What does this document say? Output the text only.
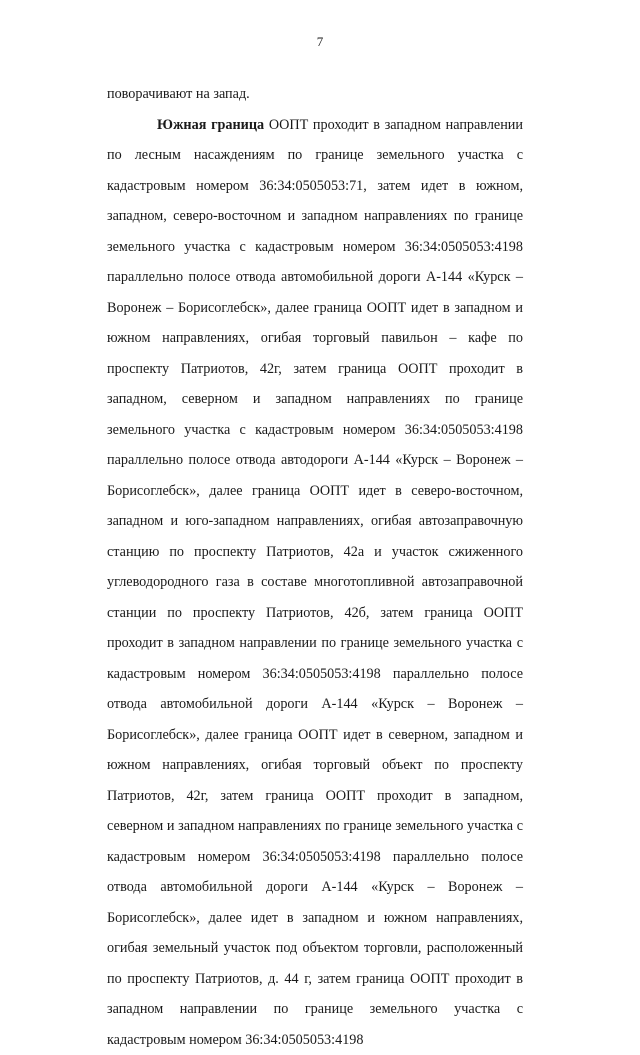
7

поворачивают на запад.

Южная граница ООПТ проходит в западном направлении по лесным насаждениям по границе земельного участка с кадастровым номером 36:34:0505053:71, затем идет в южном, западном, северо-восточном и западном направлениях по границе земельного участка с кадастровым номером 36:34:0505053:4198 параллельно полосе отвода автомобильной дороги А-144 «Курск – Воронеж – Борисоглебск», далее граница ООПТ идет в западном и южном направлениях, огибая торговый павильон – кафе по проспекту Патриотов, 42г, затем граница ООПТ проходит в западном, северном и западном направлениях по границе земельного участка с кадастровым номером 36:34:0505053:4198 параллельно полосе отвода автодороги А-144 «Курск – Воронеж – Борисоглебск», далее граница ООПТ идет в северо-восточном, западном и юго-западном направлениях, огибая автозаправочную станцию по проспекту Патриотов, 42а и участок сжиженного углеводородного газа в составе многотопливной автозаправочной станции по проспекту Патриотов, 42б, затем граница ООПТ проходит в западном направлении по границе земельного участка с кадастровым номером 36:34:0505053:4198 параллельно полосе отвода автомобильной дороги А-144 «Курск – Воронеж – Борисоглебск», далее граница ООПТ идет в северном, западном и южном направлениях, огибая торговый объект по проспекту Патриотов, 42г, затем граница ООПТ проходит в западном, северном и западном направлениях по границе земельного участка с кадастровым номером 36:34:0505053:4198 параллельно полосе отвода автомобильной дороги А-144 «Курск – Воронеж – Борисоглебск», далее идет в западном и южном направлениях, огибая земельный участок под объектом торговли, расположенный по проспекту Патриотов, д. 44 г, затем граница ООПТ проходит в западном направлении по границе земельного участка с кадастровым номером 36:34:0505053:4198
